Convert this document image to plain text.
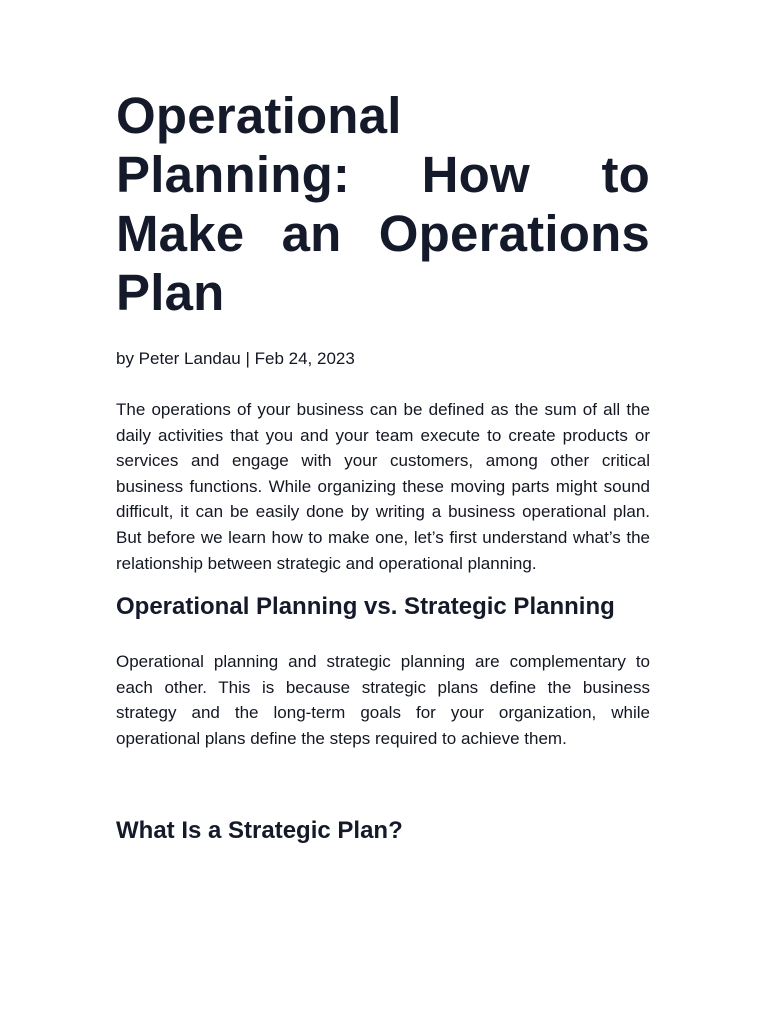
Operational Planning: How to Make an Operations Plan

by Peter Landau | Feb 24, 2023

The operations of your business can be defined as the sum of all the daily activities that you and your team execute to create products or services and engage with your customers, among other critical business functions. While organizing these moving parts might sound difficult, it can be easily done by writing a business operational plan. But before we learn how to make one, let’s first understand what’s the relationship between strategic and operational planning.

Operational Planning vs. Strategic Planning

Operational planning and strategic planning are complementary to each other. This is because strategic plans define the business strategy and the long-term goals for your organization, while operational plans define the steps required to achieve them.

What Is a Strategic Plan?
